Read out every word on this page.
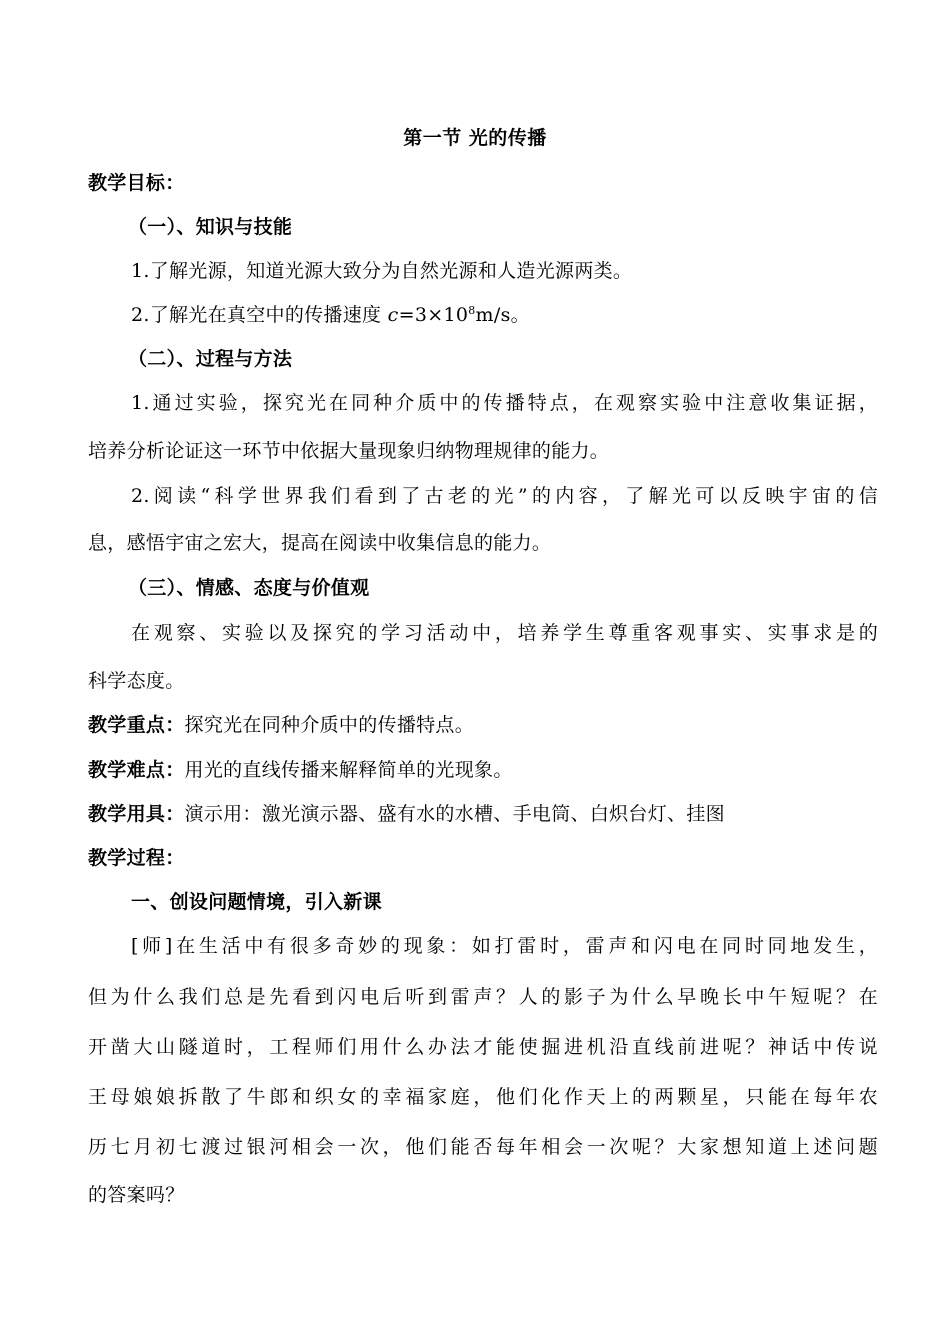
第一节 光的传播
教学目标：
（一）、知识与技能
1.了解光源，知道光源大致分为自然光源和人造光源两类。
2.了解光在真空中的传播速度 $c=3\times 10^8m/s$。
（二）、过程与方法
1.通过实验，探究光在同种介质中的传播特点，在观察实验中注意收集证据，
培养分析论证这一环节中依据大量现象归纳物理规律的能力。
2.阅读“科学世界我们看到了古老的光”的内容，了解光可以反映宇宙的信
息，感悟宇宙之宏大，提高在阅读中收集信息的能力。
（三）、情感、态度与价值观
在观察、实验以及探究的学习活动中，培养学生尊重客观事实、实事求是的
科学态度。
教学重点：探究光在同种介质中的传播特点。
教学难点：用光的直线传播来解释简单的光现象。
教学用具：演示用：激光演示器、盛有水的水槽、手电筒、白炽台灯、挂图
教学过程：
一、创设问题情境，引入新课
[师]在生活中有很多奇妙的现象：如打雷时，雷声和闪电在同时同地发生，
但为什么我们总是先看到闪电后听到雷声？人的影子为什么早晚长中午短呢？在
开凿大山隧道时，工程师们用什么办法才能使掘进机沿直线前进呢？神话中传说
王母娘娘拆散了牛郎和织女的幸福家庭，他们化作天上的两颗星，只能在每年农
历七月初七渡过银河相会一次，他们能否每年相会一次呢？大家想知道上述问题
的答案吗？
